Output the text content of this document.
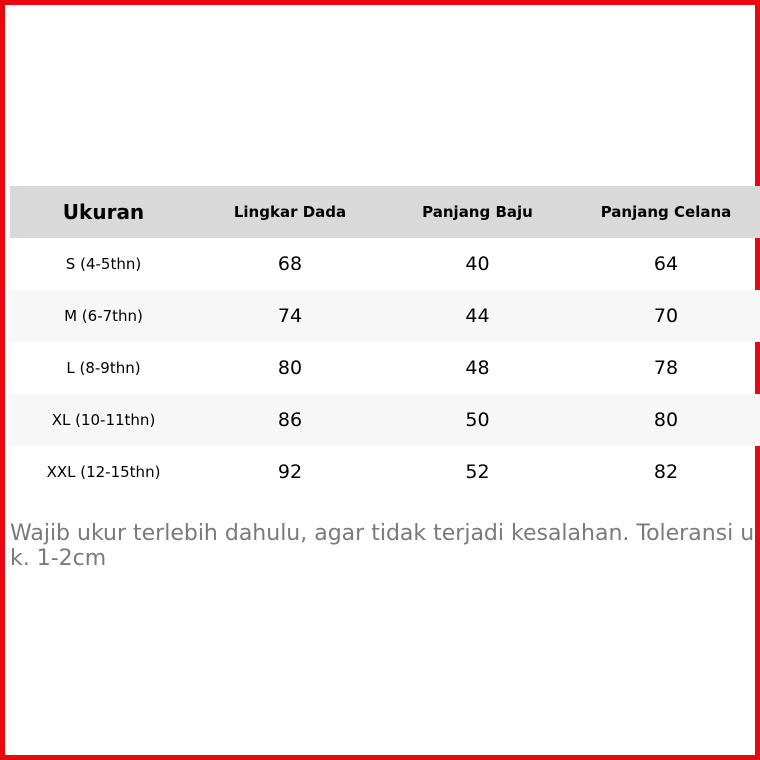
Ukuran	Lingkar Dada	Panjang Baju	Panjang Celana
S (4-5thn)	68	40	64
M (6-7thn)	74	44	70
L (8-9thn)	80	48	78
XL (10-11thn)	86	50	80
XXL (12-15thn)	92	52	82

Wajib ukur terlebih dahulu, agar tidak terjadi kesalahan. Toleransi uk. 1-2cm
